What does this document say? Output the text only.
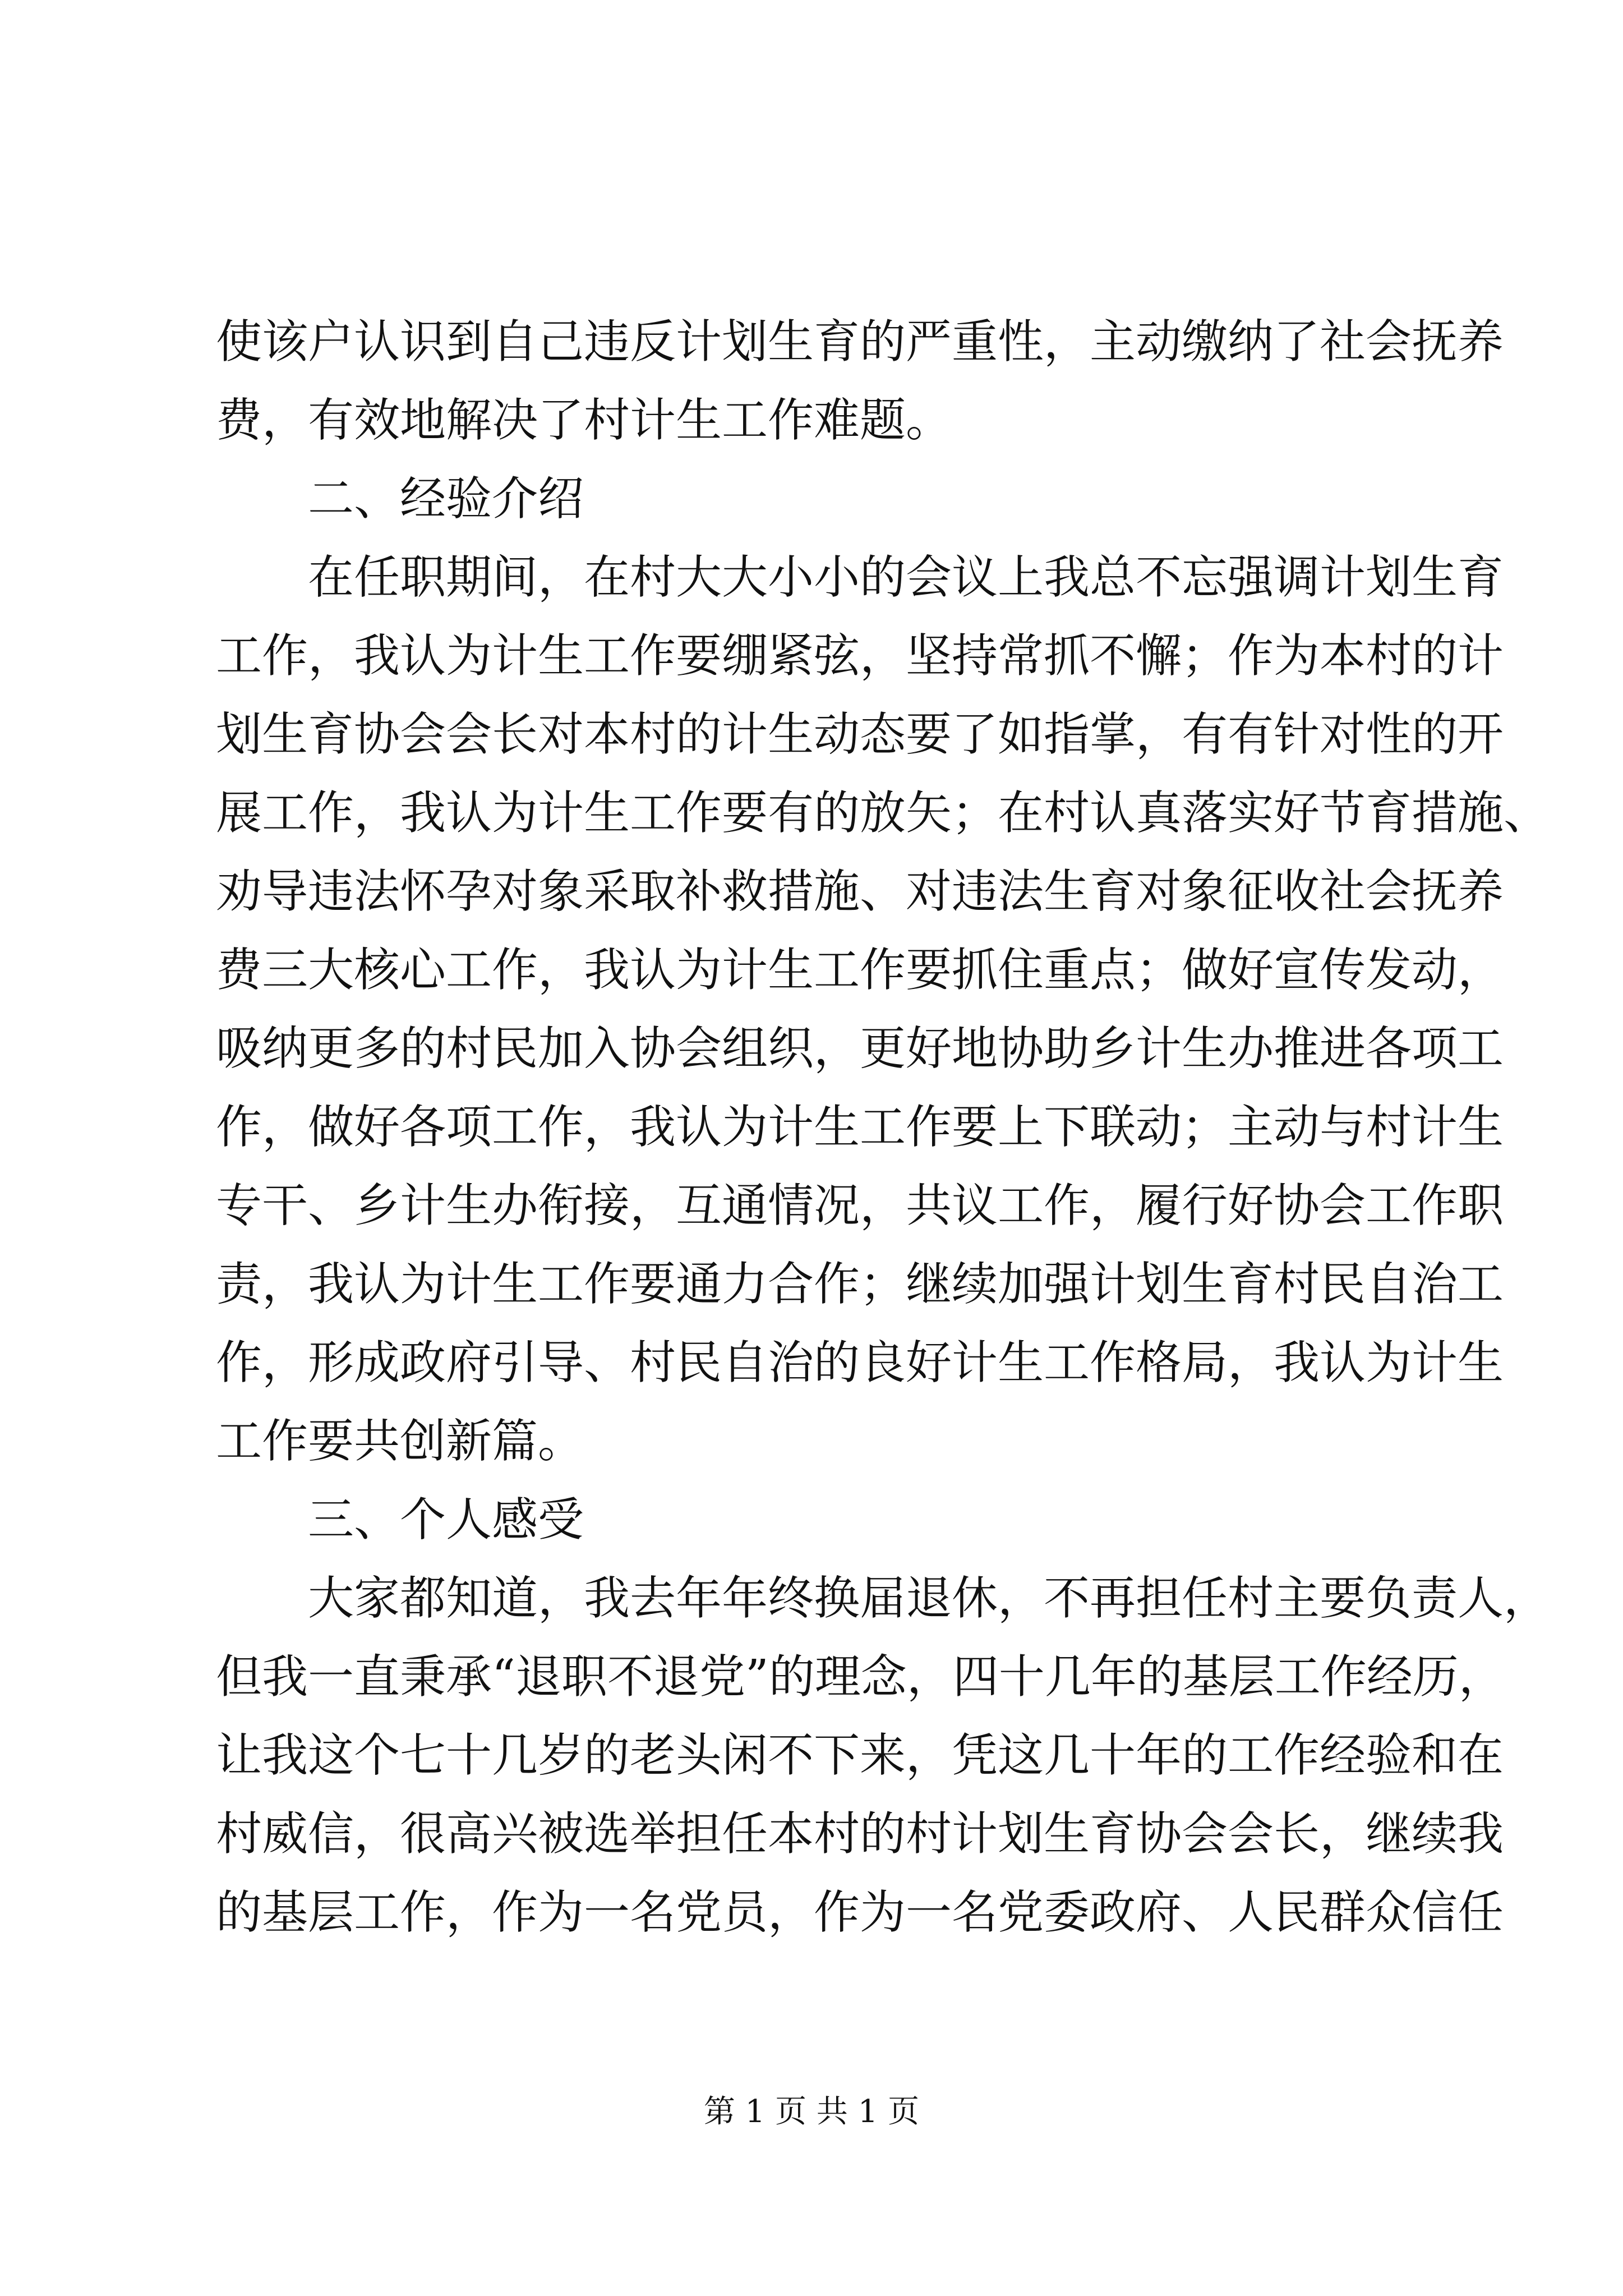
使该户认识到自己违反计划生育的严重性，主动缴纳了社会抚养
费，有效地解决了村计生工作难题。
二、经验介绍
在任职期间，在村大大小小的会议上我总不忘强调计划生育
工作，我认为计生工作要绷紧弦，坚持常抓不懈；作为本村的计
划生育协会会长对本村的计生动态要了如指掌，有有针对性的开
展工作，我认为计生工作要有的放矢；在村认真落实好节育措施、
劝导违法怀孕对象采取补救措施、对违法生育对象征收社会抚养
费三大核心工作，我认为计生工作要抓住重点；做好宣传发动，
吸纳更多的村民加入协会组织，更好地协助乡计生办推进各项工
作，做好各项工作，我认为计生工作要上下联动；主动与村计生
专干、乡计生办衔接，互通情况，共议工作，履行好协会工作职
责，我认为计生工作要通力合作；继续加强计划生育村民自治工
作，形成政府引导、村民自治的良好计生工作格局，我认为计生
工作要共创新篇。
三、个人感受
大家都知道，我去年年终换届退休，不再担任村主要负责人，
但我一直秉承“退职不退党”的理念，四十几年的基层工作经历，
让我这个七十几岁的老头闲不下来，凭这几十年的工作经验和在
村威信，很高兴被选举担任本村的村计划生育协会会长，继续我
的基层工作，作为一名党员，作为一名党委政府、人民群众信任
第 1 页 共 1 页
